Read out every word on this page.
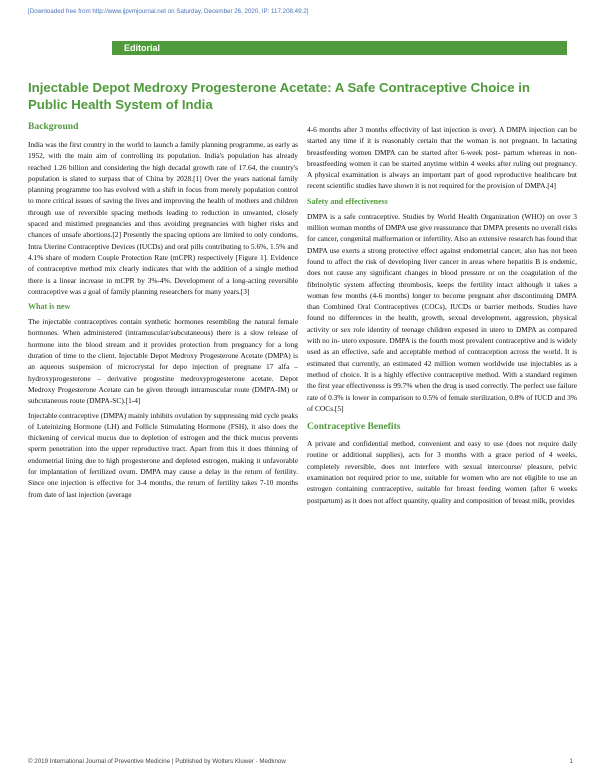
[Downloaded free from http://www.ijpvmjournal.net on Saturday, December 26, 2020, IP: 117.208.49.2]
Editorial
Injectable Depot Medroxy Progesterone Acetate: A Safe Contraceptive Choice in Public Health System of India
Background

India was the first country in the world to launch a family planning programme, as early as 1952, with the main aim of controlling its population. India's population has already reached 1.26 billion and considering the high decadal growth rate of 17.64, the country's population is slated to surpass that of China by 2028.[1] Over the years national family planning programme too has evolved with a shift in focus from merely population control to more critical issues of saving the lives and improving the health of mothers and children through use of reversible spacing methods leading to reduction in unwanted, closely spaced and mistimed pregnancies and thus avoiding pregnancies with higher risks and chances of unsafe abortions.[2] Presently the spacing options are limited to only condoms, Intra Uterine Contraceptive Devices (IUCDs) and oral pills contributing to 5.6%, 1.5% and 4.1% share of modern Couple Protection Rate (mCPR) respectively [Figure 1]. Evidence of contraceptive method mix clearly indicates that with the addition of a single method there is a linear increase in mCPR by 3%-4%. Development of a long-acting reversible contraceptive was a goal of family planning researchers for many years.[3]

What is new

The injectable contraceptives contain synthetic hormones resembling the natural female hormones. When administered (intramuscular/subcutaneous) there is a slow release of hormone into the blood stream and it provides protection from pregnancy for a long duration of time to the client. Injectable Depot Medroxy Progesterone Acetate (DMPA) is an aqueous suspension of microcrystal for depo injection of pregnane 17 alfa – hydroxyprogesterone – derivative progestine medroxyprogesterone acetate. Depot Medroxy Progesterone Acetate can be given through intramuscular route (DMPA-IM) or subcutaneous route (DMPA-SC).[1-4]

Injectable contraceptive (DMPA) mainly inhibits ovulation by suppressing mid cycle peaks of Luteinizing Hormone (LH) and Follicle Stimulating Hormone (FSH), it also does the thickening of cervical mucus due to depletion of estrogen and the thick mucus prevents sperm penetration into the upper reproductive tract. Apart from this it does thinning of endometrial lining due to high progesterone and depleted estrogen, making it unfavorable for implantation of fertilized ovum. DMPA may cause a delay in the return of fertility. Since one injection is effective for 3-4 months, the return of fertility takes 7-10 months from date of last injection (average

4-6 months after 3 months effectivity of last injection is over). A DMPA injection can be started any time if it is reasonably certain that the woman is not pregnant. In lactating breastfeeding women DMPA can be started after 6-week post- partum whereas in non-breastfeeding women it can be started anytime within 4 weeks after ruling out pregnancy. A physical examination is always an important part of good reproductive healthcare but recent scientific studies have shown it is not required for the provision of DMPA.[4]

Safety and effectiveness

DMPA is a safe contraceptive. Studies by World Health Organization (WHO) on over 3 million woman months of DMPA use give reassurance that DMPA presents no overall risks for cancer, congenital malformation or infertility. Also an extensive research has found that DMPA use exerts a strong protective effect against endometrial cancer, also has not been found to affect the risk of developing liver cancer in areas where hepatitis B is endemic, does not cause any significant changes in blood pressure or on the coagulation of the fibrinolytic system affecting thrombosis, keeps the fertility intact although it takes a woman few months (4-6 months) longer to become pregnant after discontinuing DMPA than Combined Oral Contraceptives (COCs), IUCDs or barrier methods. Studies have found no differences in the health, growth, sexual development, aggression, physical activity or sex role identity of teenage children exposed in utero to DMPA as compared with no in- utero exposure. DMPA is the fourth most prevalent contraceptive and is widely used as an effective, safe and acceptable method of contraception across the world. It is estimated that currently, an estimated 42 million women worldwide use injectables as a method of choice. It is a highly effective contraceptive method. With a standard regimen the first year effectiveness is 99.7% when the drug is used correctly. The perfect use failure rate of 0.3% is lower in comparison to 0.5% of female sterilization, 0.8% of IUCD and 3% of COCs.[5]

Contraceptive Benefits

A private and confidential method, convenient and easy to use (does not require daily routine or additional supplies), acts for 3 months with a grace period of 4 weeks, completely reversible, does not interfere with sexual intercourse/ pleasure, pelvic examination not required prior to use, suitable for women who are not eligible to use an estrogen containing contraceptive, suitable for breast feeding women (after 6 weeks postpartum) as it does not affect quantity, quality and composition of breast milk, provides

© 2019 International Journal of Preventive Medicine | Published by Wolters Kluwer - Medknow	1
